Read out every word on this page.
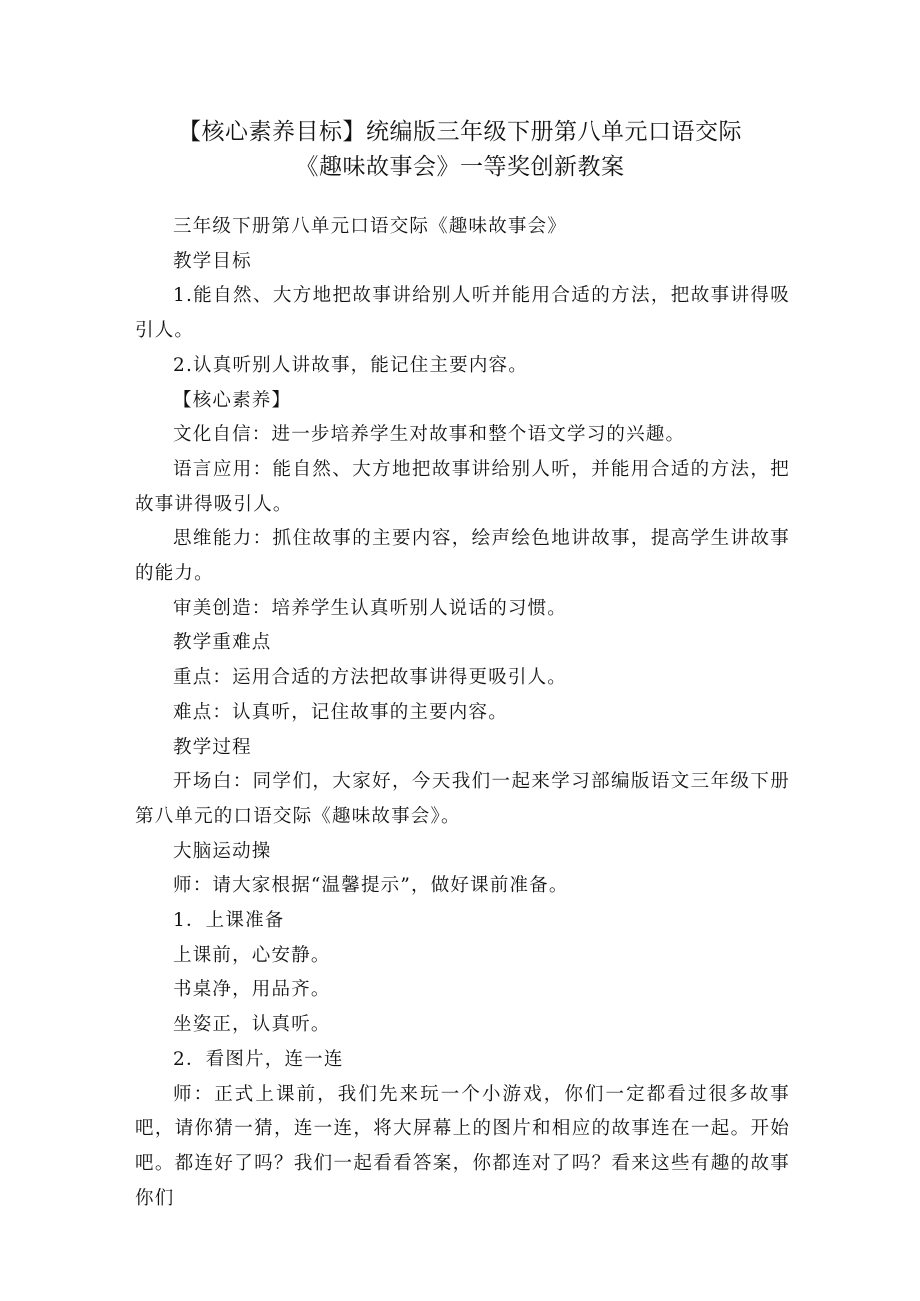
【核心素养目标】统编版三年级下册第八单元口语交际
《趣味故事会》一等奖创新教案

三年级下册第八单元口语交际《趣味故事会》

教学目标

1.能自然、大方地把故事讲给别人听并能用合适的方法，把故事讲得吸引人。

2.认真听别人讲故事，能记住主要内容。

【核心素养】

文化自信：进一步培养学生对故事和整个语文学习的兴趣。

语言应用：能自然、大方地把故事讲给别人听，并能用合适的方法，把故事讲得吸引人。

思维能力：抓住故事的主要内容，绘声绘色地讲故事，提高学生讲故事的能力。

审美创造：培养学生认真听别人说话的习惯。

教学重难点

重点：运用合适的方法把故事讲得更吸引人。

难点：认真听，记住故事的主要内容。

教学过程

开场白：同学们，大家好，今天我们一起来学习部编版语文三年级下册第八单元的口语交际《趣味故事会》。

大脑运动操

师：请大家根据“温馨提示”，做好课前准备。

1．上课准备

上课前，心安静。

书桌净，用品齐。

坐姿正，认真听。

2．看图片，连一连

师：正式上课前，我们先来玩一个小游戏，你们一定都看过很多故事吧，请你猜一猜，连一连，将大屏幕上的图片和相应的故事连在一起。开始吧。都连好了吗？我们一起看看答案，你都连对了吗？看来这些有趣的故事你们
